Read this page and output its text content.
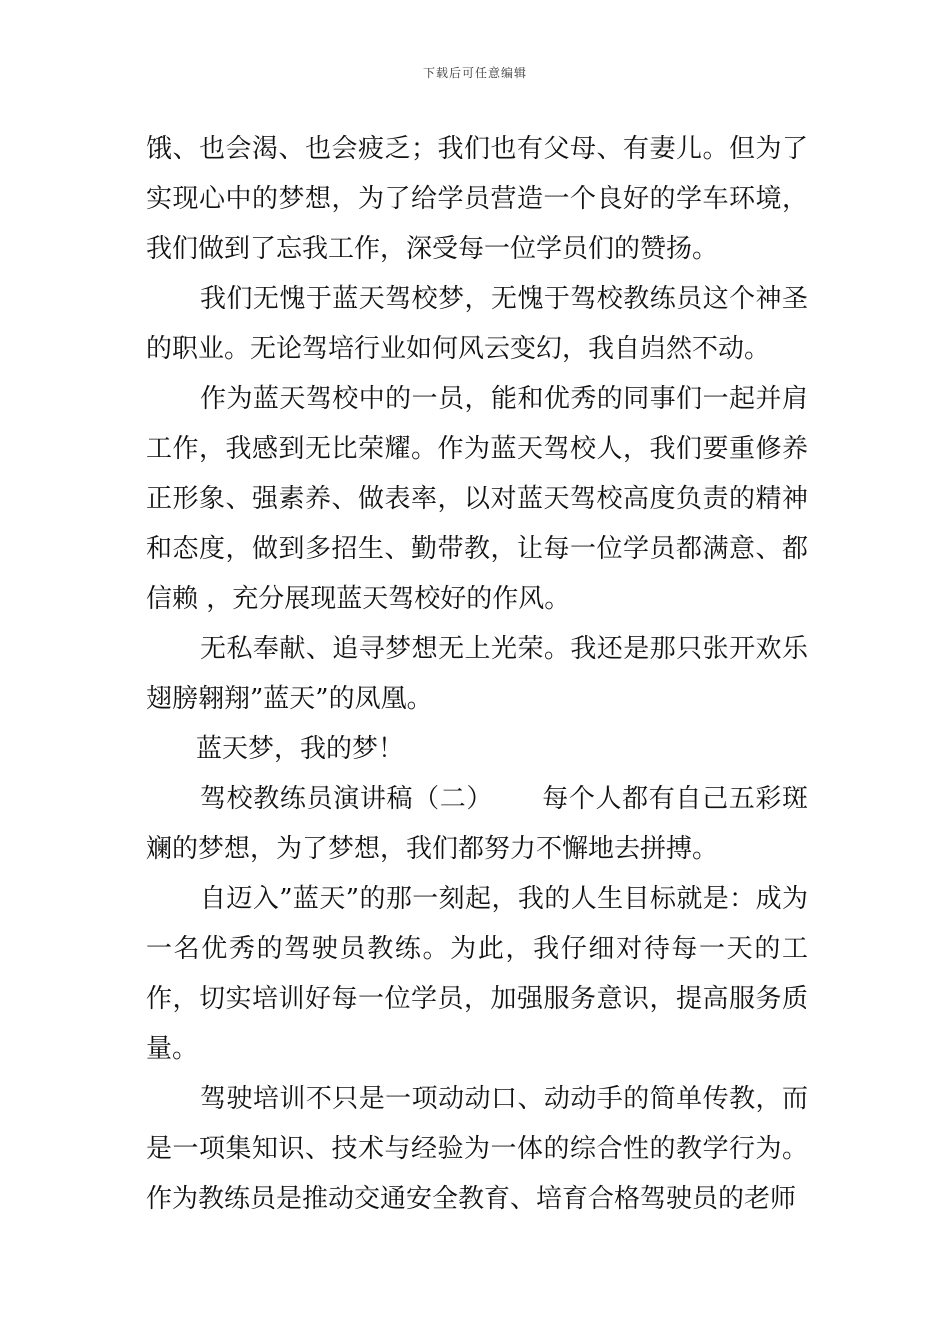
下载后可任意编辑

饿、也会渴、也会疲乏；我们也有父母、有妻儿。但为了实现心中的梦想，为了给学员营造一个良好的学车环境，我们做到了忘我工作，深受每一位学员们的赞扬。

我们无愧于蓝天驾校梦，无愧于驾校教练员这个神圣的职业。无论驾培行业如何风云变幻，我自岿然不动。

作为蓝天驾校中的一员，能和优秀的同事们一起并肩工作，我感到无比荣耀。作为蓝天驾校人，我们要重修养正形象、强素养、做表率，以对蓝天驾校高度负责的精神和态度，做到多招生、勤带教，让每一位学员都满意、都信赖 ，充分展现蓝天驾校好的作风。

无私奉献、追寻梦想无上光荣。我还是那只张开欢乐翅膀翱翔”蓝天”的凤凰。

蓝天梦，我的梦！

驾校教练员演讲稿（二）　　 每个人都有自己五彩斑斓的梦想，为了梦想，我们都努力不懈地去拼搏。

自迈入”蓝天”的那一刻起，我的人生目标就是：成为一名优秀的驾驶员教练。为此，我仔细对待每一天的工作，切实培训好每一位学员，加强服务意识，提高服务质量。

驾驶培训不只是一项动动口、动动手的简单传教，而是一项集知识、技术与经验为一体的综合性的教学行为。作为教练员是推动交通安全教育、培育合格驾驶员的老师
